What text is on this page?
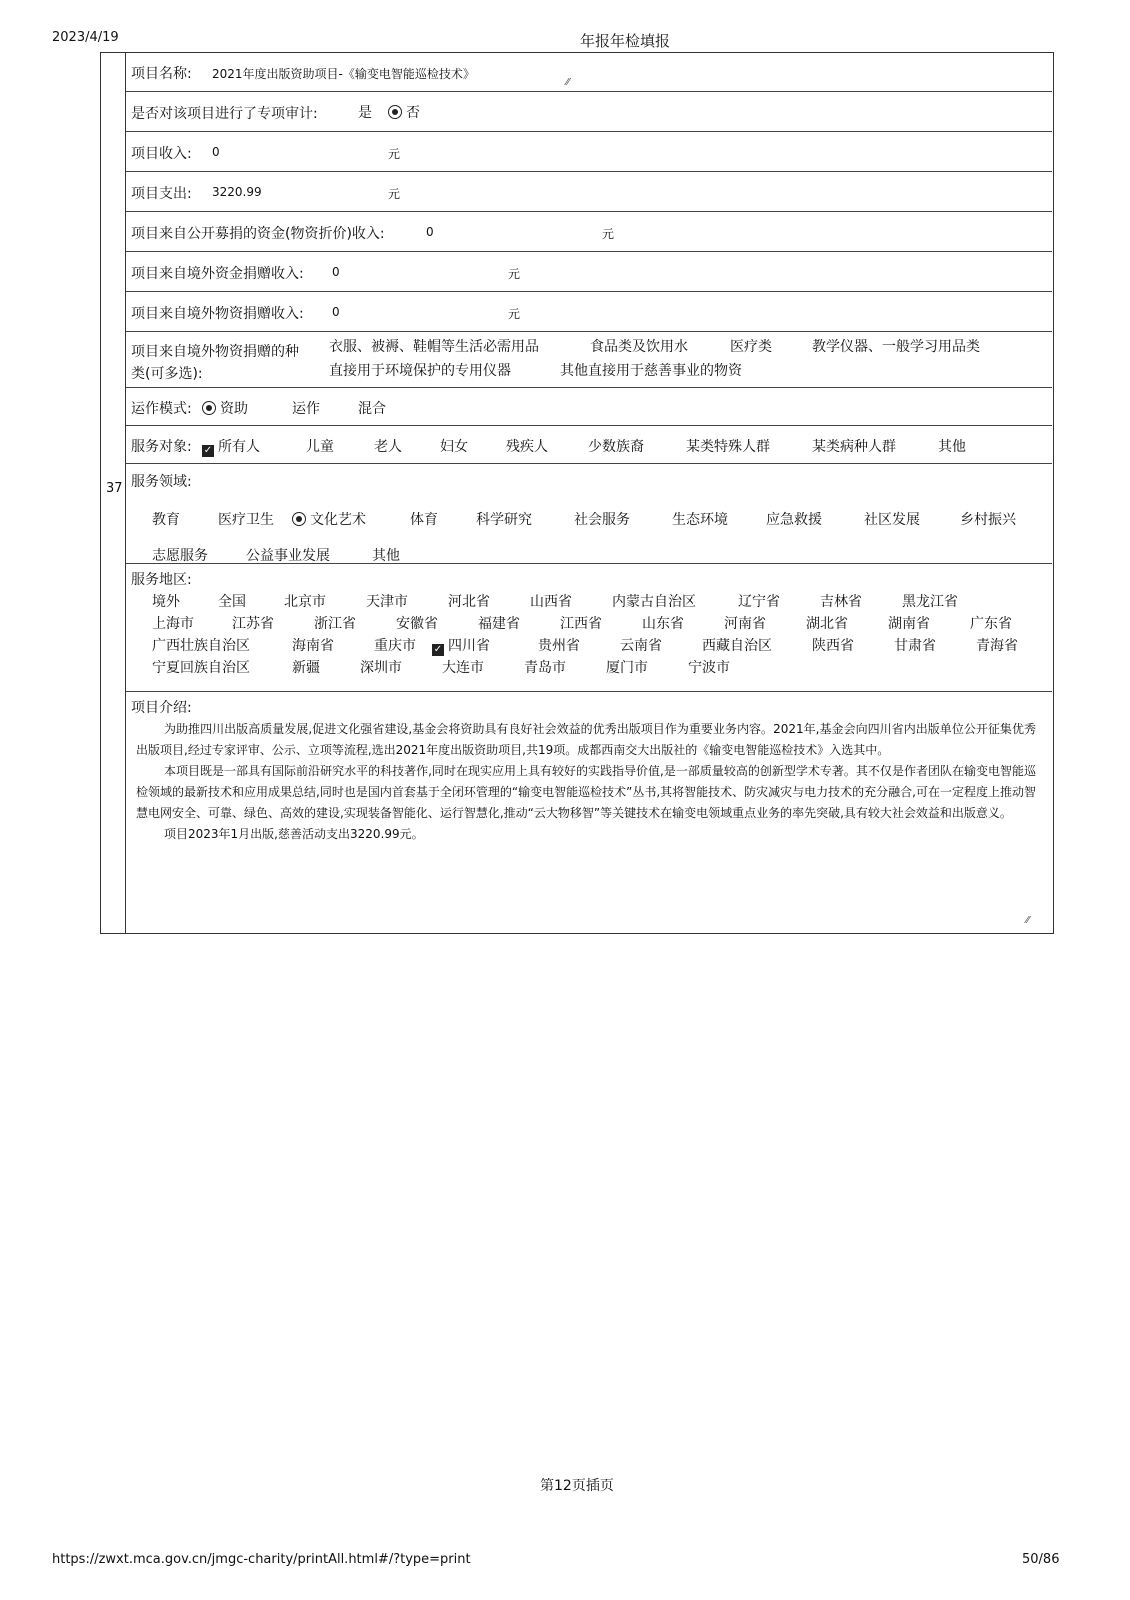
2023/4/19	年报年检填报
37
项目名称: 2021年度出版资助项目-《输变电智能巡检技术》
⁄⁄
是否对该项目进行了专项审计:	是	否
项目收入: 0	元
项目支出: 3220.99	元
项目来自公开募捐的资金(物资折价)收入:	0	元
项目来自境外资金捐赠收入: 0	元
项目来自境外物资捐赠收入: 0	元
项目来自境外物资捐赠的种
类(可多选):
衣服、被褥、鞋帽等生活必需用品	食品类及饮用水	医疗类	教学仪器、一般学习用品类
直接用于环境保护的专用仪器	其他直接用于慈善事业的物资
运作模式:	资助	运作	混合
服务对象: ✓ 所有人	儿童	老人	妇女	残疾人	少数族裔	某类特殊人群	某类病种人群	其他
服务领域:
教育	医疗卫生	文化艺术	体育	科学研究	社会服务	生态环境	应急救援	社区发展	乡村振兴
志愿服务	公益事业发展	其他
服务地区:
境外	全国	北京市	天津市	河北省	山西省	内蒙古自治区	辽宁省	吉林省	黑龙江省
上海市	江苏省	浙江省	安徽省	福建省	江西省	山东省	河南省	湖北省	湖南省	广东省
广西壮族自治区	海南省	重庆市 ✓ 四川省	贵州省	云南省	西藏自治区	陕西省	甘肃省	青海省
宁夏回族自治区	新疆	深圳市	大连市	青岛市	厦门市	宁波市
项目介绍:

为助推四川出版高质量发展,促进文化强省建设,基金会将资助具有良好社会效益的优秀出版项目作为重要业务内容。2021年,基金会向四川省内出版单位公开征集优秀出版项目,经过专家评审、公示、立项等流程,选出2021年度出版资助项目,共19项。成都西南交大出版社的《输变电智能巡检技术》入选其中。

本项目既是一部具有国际前沿研究水平的科技著作,同时在现实应用上具有较好的实践指导价值,是一部质量较高的创新型学术专著。其不仅是作者团队在输变电智能巡检领域的最新技术和应用成果总结,同时也是国内首套基于全闭环管理的“输变电智能巡检技术”丛书,其将智能技术、防灾减灾与电力技术的充分融合,可在一定程度上推动智慧电网安全、可靠、绿色、高效的建设,实现装备智能化、运行智慧化,推动“云大物移智”等关键技术在输变电领域重点业务的率先突破,具有较大社会效益和出版意义。

项目2023年1月出版,慈善活动支出3220.99元。

⁄⁄
第12页插页
https://zwxt.mca.gov.cn/jmgc-charity/printAll.html#/?type=print	50/86
